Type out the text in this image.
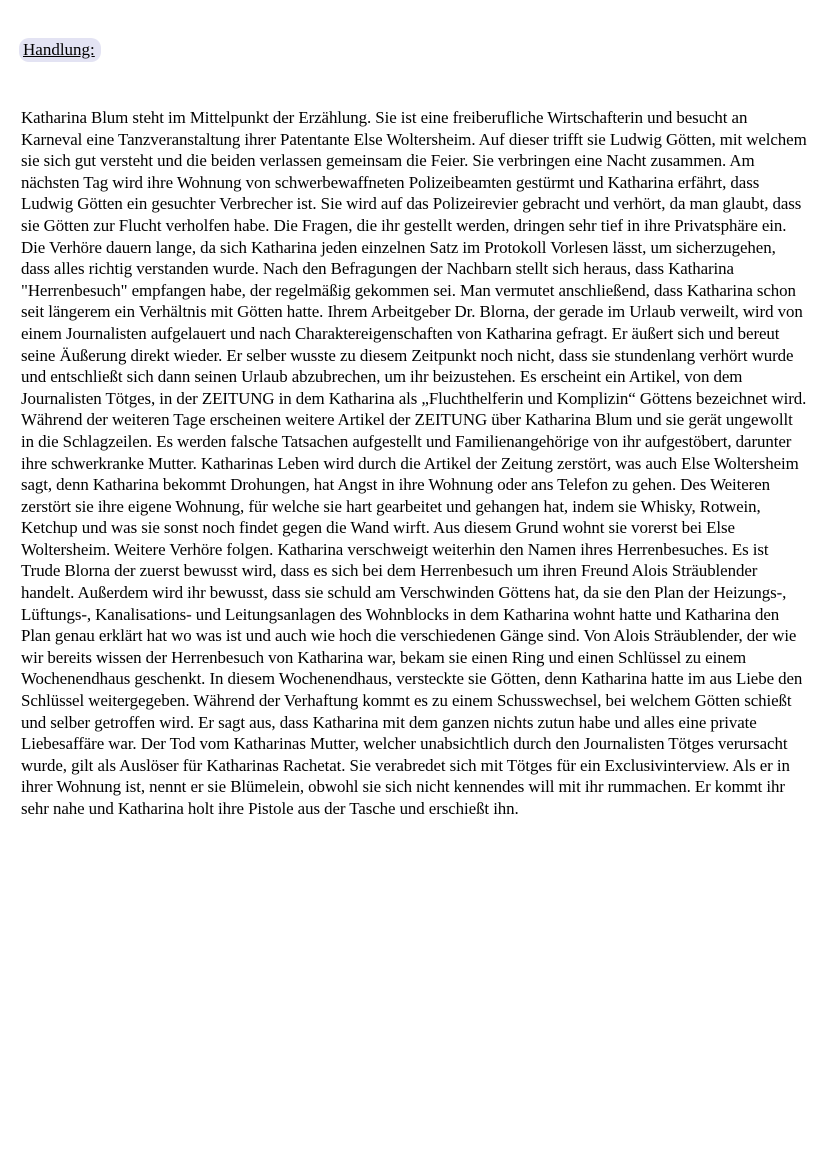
Handlung:

Katharina Blum steht im Mittelpunkt der Erzählung. Sie ist eine freiberufliche Wirtschafterin und besucht an Karneval eine Tanzveranstaltung ihrer Patentante Else Woltersheim. Auf dieser trifft sie Ludwig Götten, mit welchem sie sich gut versteht und die beiden verlassen gemeinsam die Feier. Sie verbringen eine Nacht zusammen. Am nächsten Tag wird ihre Wohnung von schwerbewaffneten Polizeibeamten gestürmt und Katharina erfährt, dass Ludwig Götten ein gesuchter Verbrecher ist. Sie wird auf das Polizeirevier gebracht und verhört, da man glaubt, dass sie Götten zur Flucht verholfen habe. Die Fragen, die ihr gestellt werden, dringen sehr tief in ihre Privatsphäre ein. Die Verhöre dauern lange, da sich Katharina jeden einzelnen Satz im Protokoll Vorlesen lässt, um sicherzugehen, dass alles richtig verstanden wurde. Nach den Befragungen der Nachbarn stellt sich heraus, dass Katharina "Herrenbesuch" empfangen habe, der regelmäßig gekommen sei. Man vermutet anschließend, dass Katharina schon seit längerem ein Verhältnis mit Götten hatte. Ihrem Arbeitgeber Dr. Blorna, der gerade im Urlaub verweilt, wird von einem Journalisten aufgelauert und nach Charaktereigenschaften von Katharina gefragt. Er äußert sich und bereut seine Äußerung direkt wieder. Er selber wusste zu diesem Zeitpunkt noch nicht, dass sie stundenlang verhört wurde und entschließt sich dann seinen Urlaub abzubrechen, um ihr beizustehen. Es erscheint ein Artikel, von dem Journalisten Tötges, in der ZEITUNG in dem Katharina als „Fluchthelferin und Komplizin“ Göttens bezeichnet wird. Während der weiteren Tage erscheinen weitere Artikel der ZEITUNG über Katharina Blum und sie gerät ungewollt in die Schlagzeilen. Es werden falsche Tatsachen aufgestellt und Familienangehörige von ihr aufgestöbert, darunter ihre schwerkranke Mutter. Katharinas Leben wird durch die Artikel der Zeitung zerstört, was auch Else Woltersheim sagt, denn Katharina bekommt Drohungen, hat Angst in ihre Wohnung oder ans Telefon zu gehen. Des Weiteren zerstört sie ihre eigene Wohnung, für welche sie hart gearbeitet und gehangen hat, indem sie Whisky, Rotwein, Ketchup und was sie sonst noch findet gegen die Wand wirft. Aus diesem Grund wohnt sie vorerst bei Else Woltersheim. Weitere Verhöre folgen. Katharina verschweigt weiterhin den Namen ihres Herrenbesuches. Es ist Trude Blorna der zuerst bewusst wird, dass es sich bei dem Herrenbesuch um ihren Freund Alois Sträublender handelt. Außerdem wird ihr bewusst, dass sie schuld am Verschwinden Göttens hat, da sie den Plan der Heizungs-, Lüftungs-, Kanalisations- und Leitungsanlagen des Wohnblocks in dem Katharina wohnt hatte und Katharina den Plan genau erklärt hat wo was ist und auch wie hoch die verschiedenen Gänge sind. Von Alois Sträublender, der wie wir bereits wissen der Herrenbesuch von Katharina war, bekam sie einen Ring und einen Schlüssel zu einem Wochenendhaus geschenkt. In diesem Wochenendhaus, versteckte sie Götten, denn Katharina hatte im aus Liebe den Schlüssel weitergegeben. Während der Verhaftung kommt es zu einem Schusswechsel, bei welchem Götten schießt und selber getroffen wird. Er sagt aus, dass Katharina mit dem ganzen nichts zutun habe und alles eine private Liebesaffäre war. Der Tod vom Katharinas Mutter, welcher unabsichtlich durch den Journalisten Tötges verursacht wurde, gilt als Auslöser für Katharinas Rachetat. Sie verabredet sich mit Tötges für ein Exclusivinterview. Als er in ihrer Wohnung ist, nennt er sie Blümelein, obwohl sie sich nicht kennendes will mit ihr rummachen. Er kommt ihr sehr nahe und Katharina holt ihre Pistole aus der Tasche und erschießt ihn.
